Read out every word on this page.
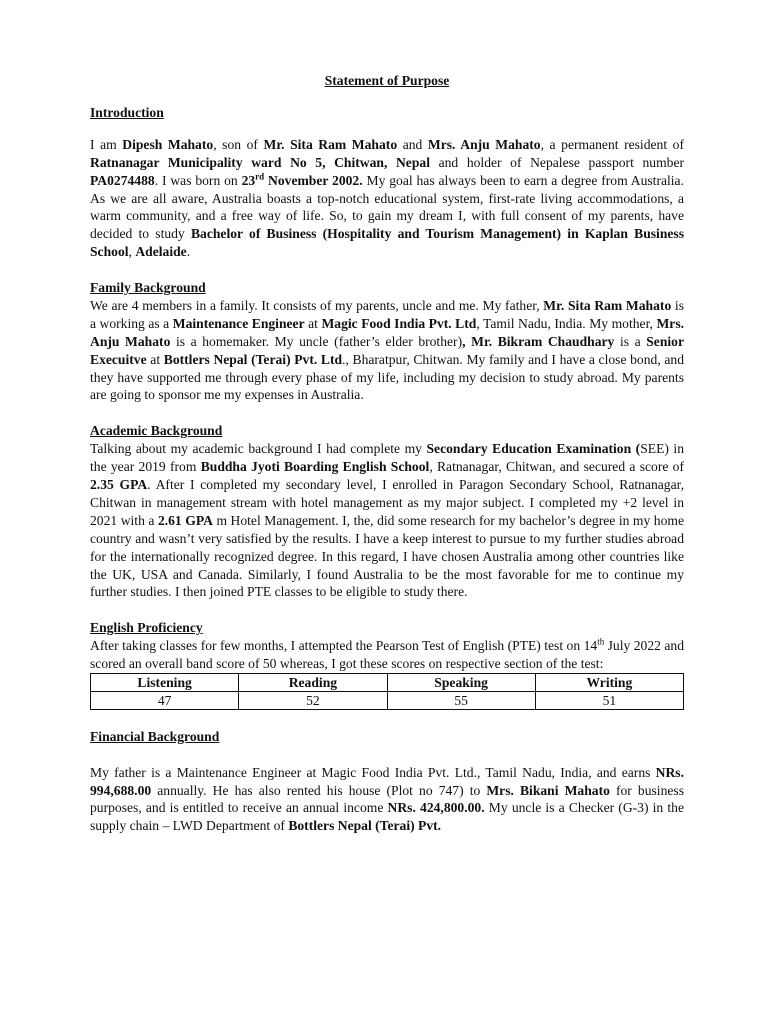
Statement of Purpose

Introduction

I am Dipesh Mahato, son of Mr. Sita Ram Mahato and Mrs. Anju Mahato, a permanent resident of Ratnanagar Municipality ward No 5, Chitwan, Nepal and holder of Nepalese passport number PA0274488. I was born on 23rd November 2002. My goal has always been to earn a degree from Australia. As we are all aware, Australia boasts a top-notch educational system, first-rate living accommodations, a warm community, and a free way of life. So, to gain my dream I, with full consent of my parents, have decided to study Bachelor of Business (Hospitality and Tourism Management) in Kaplan Business School, Adelaide.

Family Background

We are 4 members in a family. It consists of my parents, uncle and me. My father, Mr. Sita Ram Mahato is a working as a Maintenance Engineer at Magic Food India Pvt. Ltd, Tamil Nadu, India. My mother, Mrs. Anju Mahato is a homemaker. My uncle (father’s elder brother), Mr. Bikram Chaudhary is a Senior Execuitve at Bottlers Nepal (Terai) Pvt. Ltd., Bharatpur, Chitwan. My family and I have a close bond, and they have supported me through every phase of my life, including my decision to study abroad. My parents are going to sponsor me my expenses in Australia.

Academic Background

Talking about my academic background I had complete my Secondary Education Examination (SEE) in the year 2019 from Buddha Jyoti Boarding English School, Ratnanagar, Chitwan, and secured a score of 2.35 GPA. After I completed my secondary level, I enrolled in Paragon Secondary School, Ratnanagar, Chitwan in management stream with hotel management as my major subject. I completed my +2 level in 2021 with a 2.61 GPA m Hotel Management. I, the, did some research for my bachelor’s degree in my home country and wasn’t very satisfied by the results. I have a keep interest to pursue to my further studies abroad for the internationally recognized degree. In this regard, I have chosen Australia among other countries like the UK, USA and Canada. Similarly, I found Australia to be the most favorable for me to continue my further studies. I then joined PTE classes to be eligible to study there.

English Proficiency

After taking classes for few months, I attempted the Pearson Test of English (PTE) test on 14th July 2022 and scored an overall band score of 50 whereas, I got these scores on respective section of the test:

Listening	Reading	Speaking	Writing
47	52	55	51

Financial Background

My father is a Maintenance Engineer at Magic Food India Pvt. Ltd., Tamil Nadu, India, and earns NRs. 994,688.00 annually. He has also rented his house (Plot no 747) to Mrs. Bikani Mahato for business purposes, and is entitled to receive an annual income NRs. 424,800.00. My uncle is a Checker (G-3) in the supply chain – LWD Department of Bottlers Nepal (Terai) Pvt.
